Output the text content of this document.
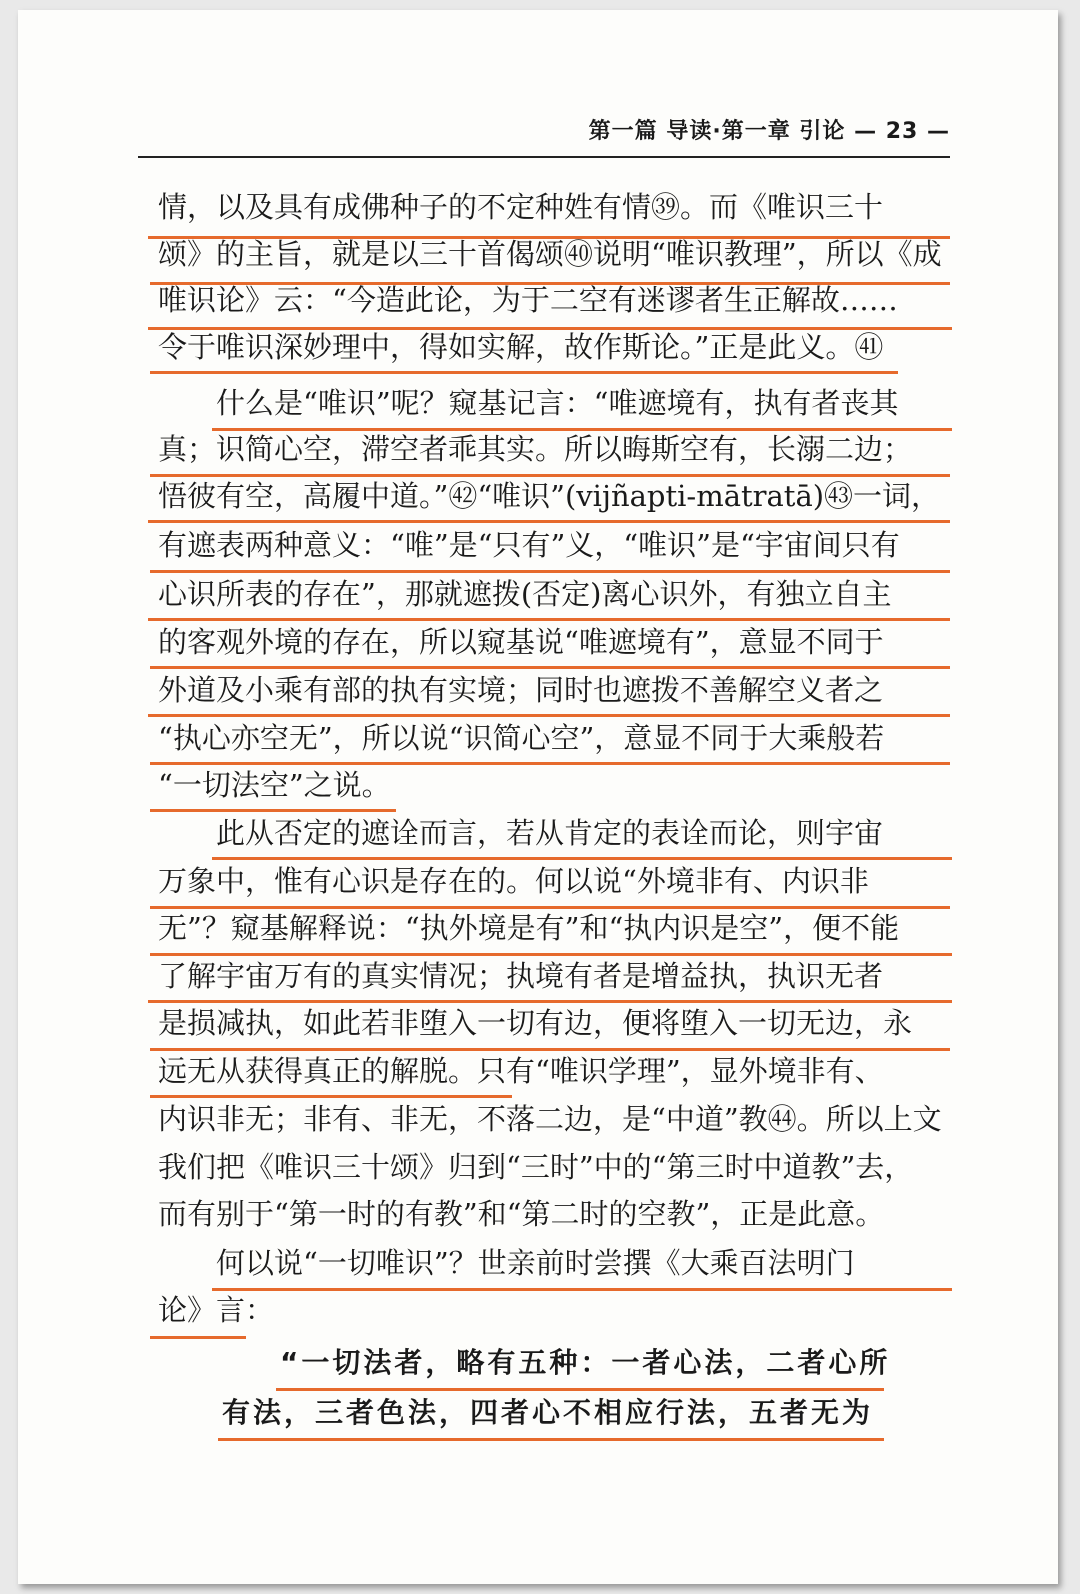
第一篇 导读·第一章 引论 — 23 —
情，以及具有成佛种子的不定种姓有情㊴。而《唯识三十
颂》的主旨，就是以三十首偈颂㊵说明“唯识教理”，所以《成
唯识论》云：“今造此论，为于二空有迷谬者生正解故……
令于唯识深妙理中，得如实解，故作斯论。”正是此义。㊶
什么是“唯识”呢？窥基记言：“唯遮境有，执有者丧其
真；识简心空，滞空者乖其实。所以晦斯空有，长溺二边；
悟彼有空，高履中道。”㊷“唯识”(vijñapti-mātratā)㊸一词，
有遮表两种意义：“唯”是“只有”义，“唯识”是“宇宙间只有
心识所表的存在”，那就遮拨(否定)离心识外，有独立自主
的客观外境的存在，所以窥基说“唯遮境有”，意显不同于
外道及小乘有部的执有实境；同时也遮拨不善解空义者之
“执心亦空无”，所以说“识简心空”，意显不同于大乘般若
“一切法空”之说。
此从否定的遮诠而言，若从肯定的表诠而论，则宇宙
万象中，惟有心识是存在的。何以说“外境非有、内识非
无”？窥基解释说：“执外境是有”和“执内识是空”，便不能
了解宇宙万有的真实情况；执境有者是增益执，执识无者
是损减执，如此若非堕入一切有边，便将堕入一切无边，永
远无从获得真正的解脱。只有“唯识学理”，显外境非有、
内识非无；非有、非无，不落二边，是“中道”教㊹。所以上文
我们把《唯识三十颂》归到“三时”中的“第三时中道教”去，
而有别于“第一时的有教”和“第二时的空教”，正是此意。
何以说“一切唯识”？世亲前时尝撰《大乘百法明门
论》言：
“一切法者，略有五种：一者心法，二者心所
有法，三者色法，四者心不相应行法，五者无为
